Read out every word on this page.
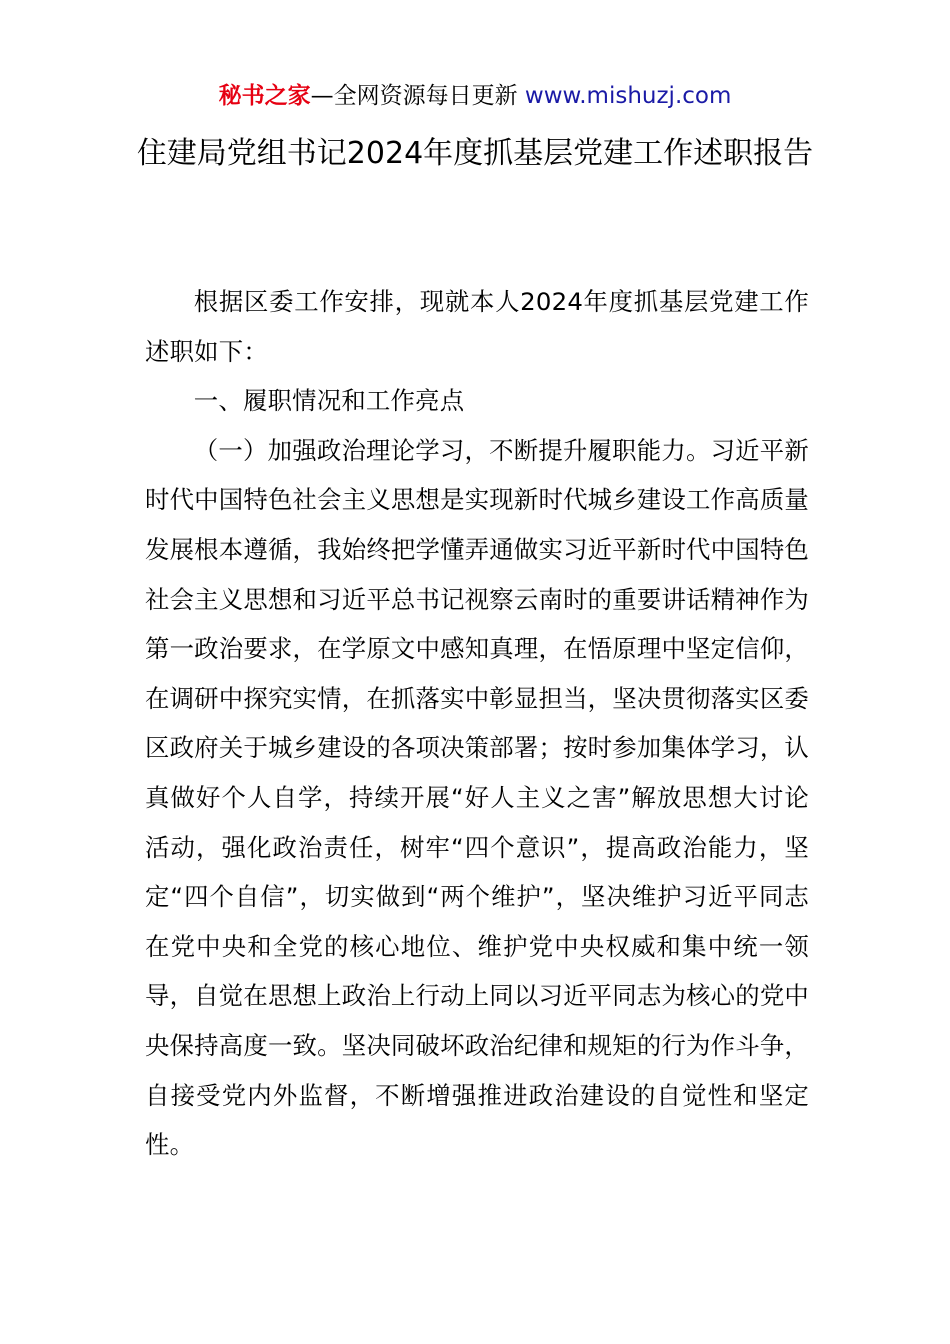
秘书之家—全网资源每日更新 www.mishuzj.com
住建局党组书记2024年度抓基层党建工作述职报告

根据区委工作安排，现就本人2024年度抓基层党建工作述职如下：

一、履职情况和工作亮点

（一）加强政治理论学习，不断提升履职能力。习近平新时代中国特色社会主义思想是实现新时代城乡建设工作高质量发展根本遵循，我始终把学懂弄通做实习近平新时代中国特色社会主义思想和习近平总书记视察云南时的重要讲话精神作为第一政治要求，在学原文中感知真理，在悟原理中坚定信仰，在调研中探究实情，在抓落实中彰显担当，坚决贯彻落实区委区政府关于城乡建设的各项决策部署；按时参加集体学习，认真做好个人自学，持续开展“好人主义之害”解放思想大讨论活动，强化政治责任，树牢“四个意识”，提高政治能力，坚定“四个自信”，切实做到“两个维护”，坚决维护习近平同志在党中央和全党的核心地位、维护党中央权威和集中统一领导，自觉在思想上政治上行动上同以习近平同志为核心的党中央保持高度一致。坚决同破坏政治纪律和规矩的行为作斗争，自接受党内外监督，不断增强推进政治建设的自觉性和坚定性。
